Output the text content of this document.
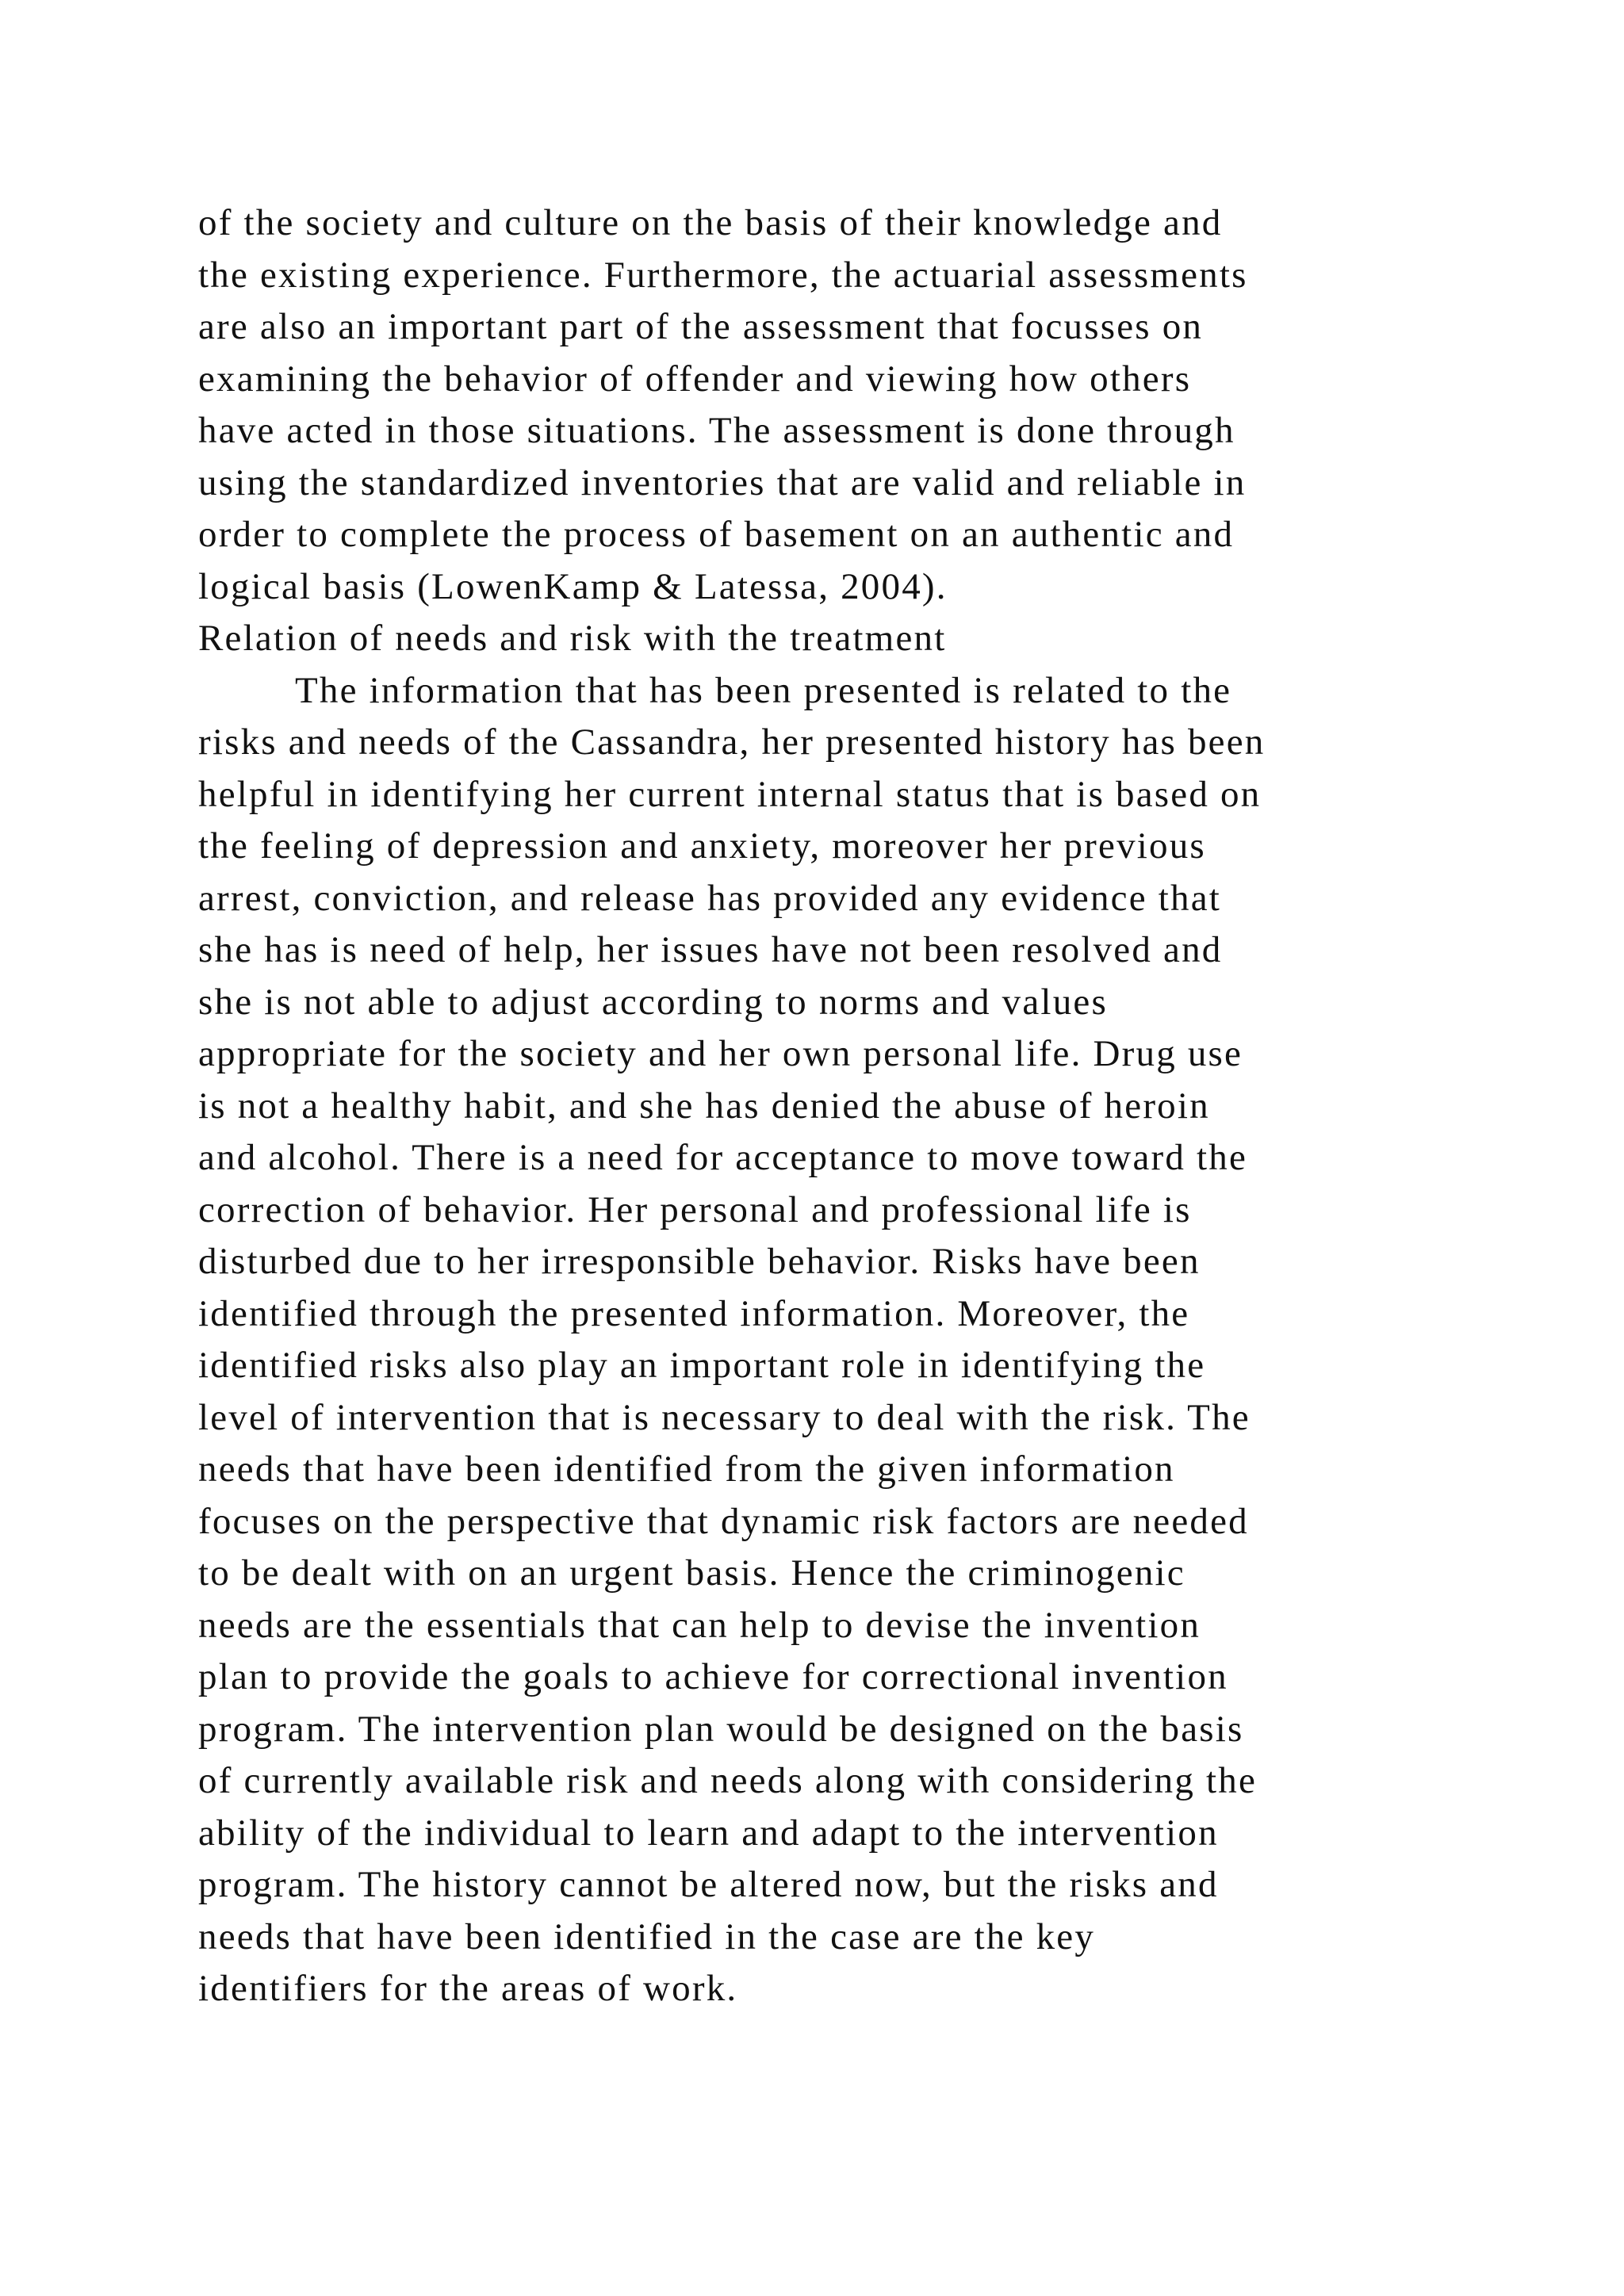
of the society and culture on the basis of their knowledge and
the existing experience. Furthermore, the actuarial assessments
are also an important part of the assessment that focusses on
examining the behavior of offender and viewing how others
have acted in those situations. The assessment is done through
using the standardized inventories that are valid and reliable in
order to complete the process of basement on an authentic and
logical basis (LowenKamp & Latessa, 2004).
Relation of needs and risk with the treatment
The information that has been presented is related to the
risks and needs of the Cassandra, her presented history has been
helpful in identifying her current internal status that is based on
the feeling of depression and anxiety, moreover her previous
arrest, conviction, and release has provided any evidence that
she has is need of help, her issues have not been resolved and
she is not able to adjust according to norms and values
appropriate for the society and her own personal life. Drug use
is not a healthy habit, and she has denied the abuse of heroin
and alcohol. There is a need for acceptance to move toward the
correction of behavior. Her personal and professional life is
disturbed due to her irresponsible behavior. Risks have been
identified through the presented information. Moreover, the
identified risks also play an important role in identifying the
level of intervention that is necessary to deal with the risk. The
needs that have been identified from the given information
focuses on the perspective that dynamic risk factors are needed
to be dealt with on an urgent basis. Hence the criminogenic
needs are the essentials that can help to devise the invention
plan to provide the goals to achieve for correctional invention
program. The intervention plan would be designed on the basis
of currently available risk and needs along with considering the
ability of the individual to learn and adapt to the intervention
program. The history cannot be altered now, but the risks and
needs that have been identified in the case are the key
identifiers for the areas of work.
